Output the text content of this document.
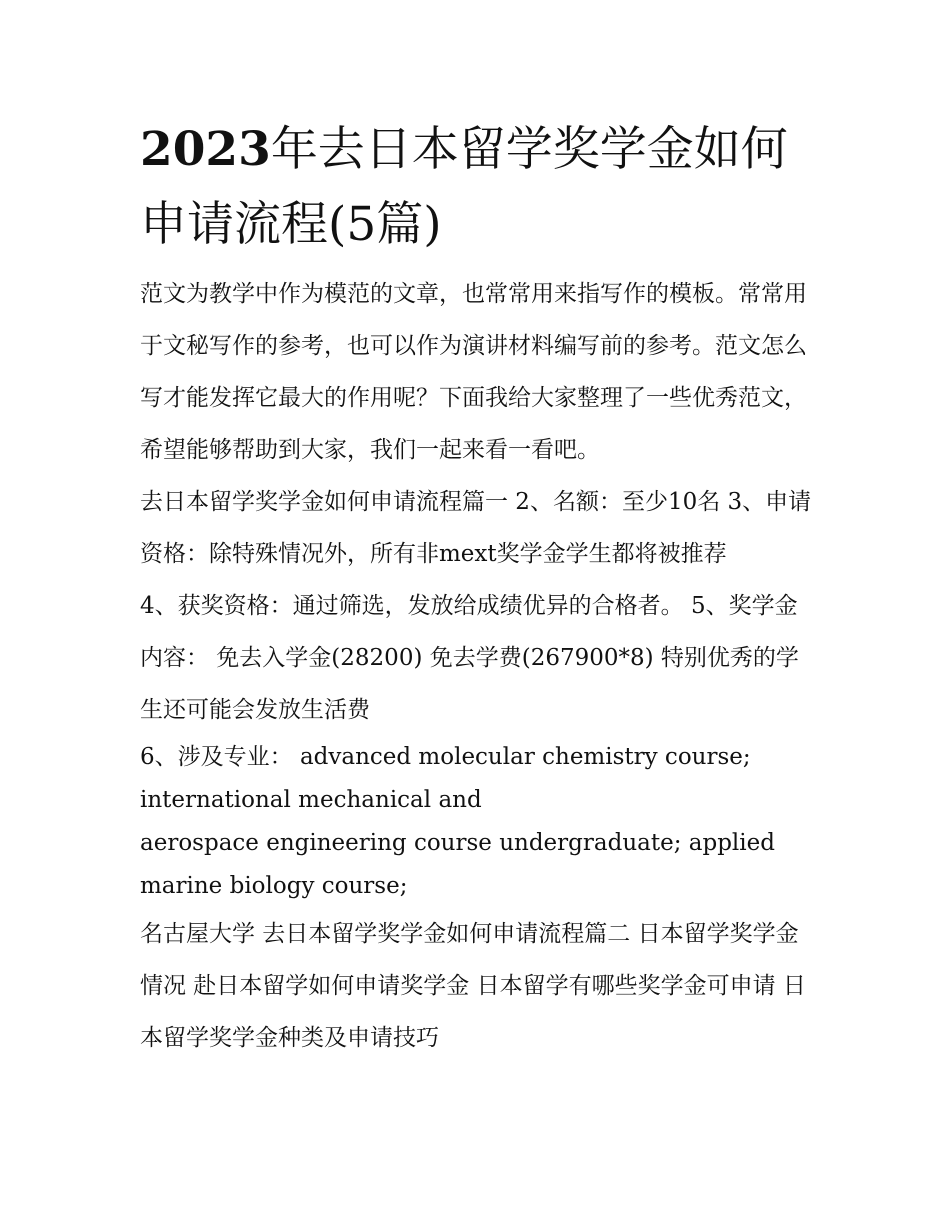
2023年去日本留学奖学金如何申请流程(5篇)

范文为教学中作为模范的文章，也常常用来指写作的模板。常常用于文秘写作的参考，也可以作为演讲材料编写前的参考。范文怎么写才能发挥它最大的作用呢？下面我给大家整理了一些优秀范文，希望能够帮助到大家，我们一起来看一看吧。

去日本留学奖学金如何申请流程篇一 2、名额：至少10名 3、申请资格：除特殊情况外，所有非mext奖学金学生都将被推荐

4、获奖资格：通过筛选，发放给成绩优异的合格者。 5、奖学金内容： 免去入学金(28200) 免去学费(267900*8) 特别优秀的学生还可能会发放生活费

6、涉及专业： advanced molecular chemistry course;

international mechanical and

aerospace engineering course undergraduate; applied marine biology course;

名古屋大学 去日本留学奖学金如何申请流程篇二 日本留学奖学金情况 赴日本留学如何申请奖学金 日本留学有哪些奖学金可申请 日本留学奖学金种类及申请技巧
